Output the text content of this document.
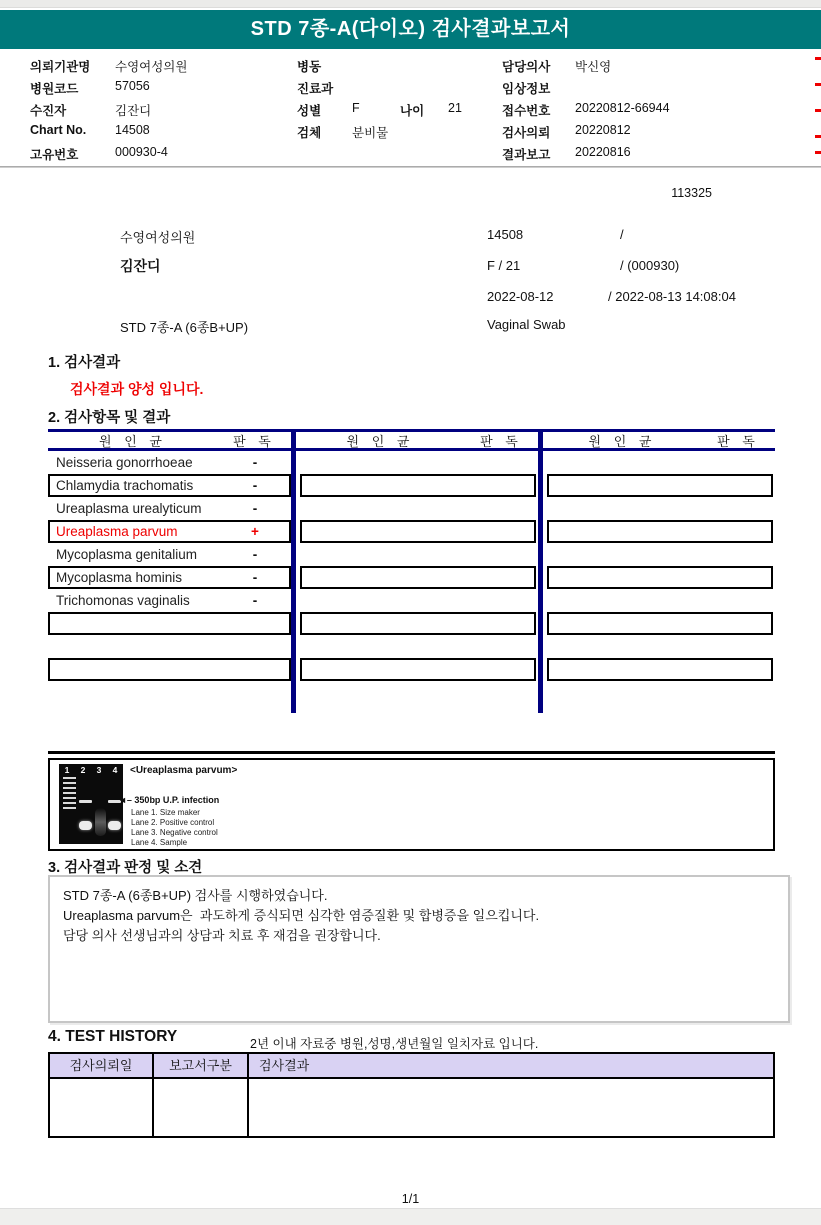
STD 7종-A(다이오) 검사결과보고서
의뢰기관명 수영여성의원
병원코드	57056
수진자	김잔디
Chart No. 14508
고유번호	000930-4
병동
진료과
성별 F	나이 21
검체 분비물
담당의사 박신영
임상정보
접수번호 20220812-66944
검사의뢰 20220812
결과보고 20220816
113325
수영여성의원	14508	/
김잔디	F / 21	/ (000930)
2022-08-12	/ 2022-08-13 14:08:04
STD 7종-A (6종B+UP)	Vaginal Swab
1. 검사결과
검사결과 양성 입니다.
2. 검사항목 및 결과
원 인 균	판 독
Neisseria gonorrhoeae	-
Chlamydia trachomatis	-
Ureaplasma urealyticum	-
Ureaplasma parvum	+
Mycoplasma genitalium	-
Mycoplasma hominis	-
Trichomonas vaginalis	-
원 인 균	판 독	원 인 균	판 독
1	2	3	4	<Ureaplasma parvum>
◄– 350bp U.P. infection
Lane 1. Size maker
Lane 2. Positive control
Lane 3. Negative control
Lane 4. Sample
3. 검사결과 판정 및 소견
STD 7종-A (6종B+UP) 검사를 시행하였습니다.
Ureaplasma parvum은  과도하게 증식되면 심각한 염증질환 및 합병증을 일으킵니다.
담당 의사 선생님과의 상담과 치료 후 재검을 권장합니다.
4. TEST HISTORY	2년 이내 자료중 병원,성명,생년월일 일치자료 입니다.
검사의뢰일	보고서구분	검사결과
1/1
